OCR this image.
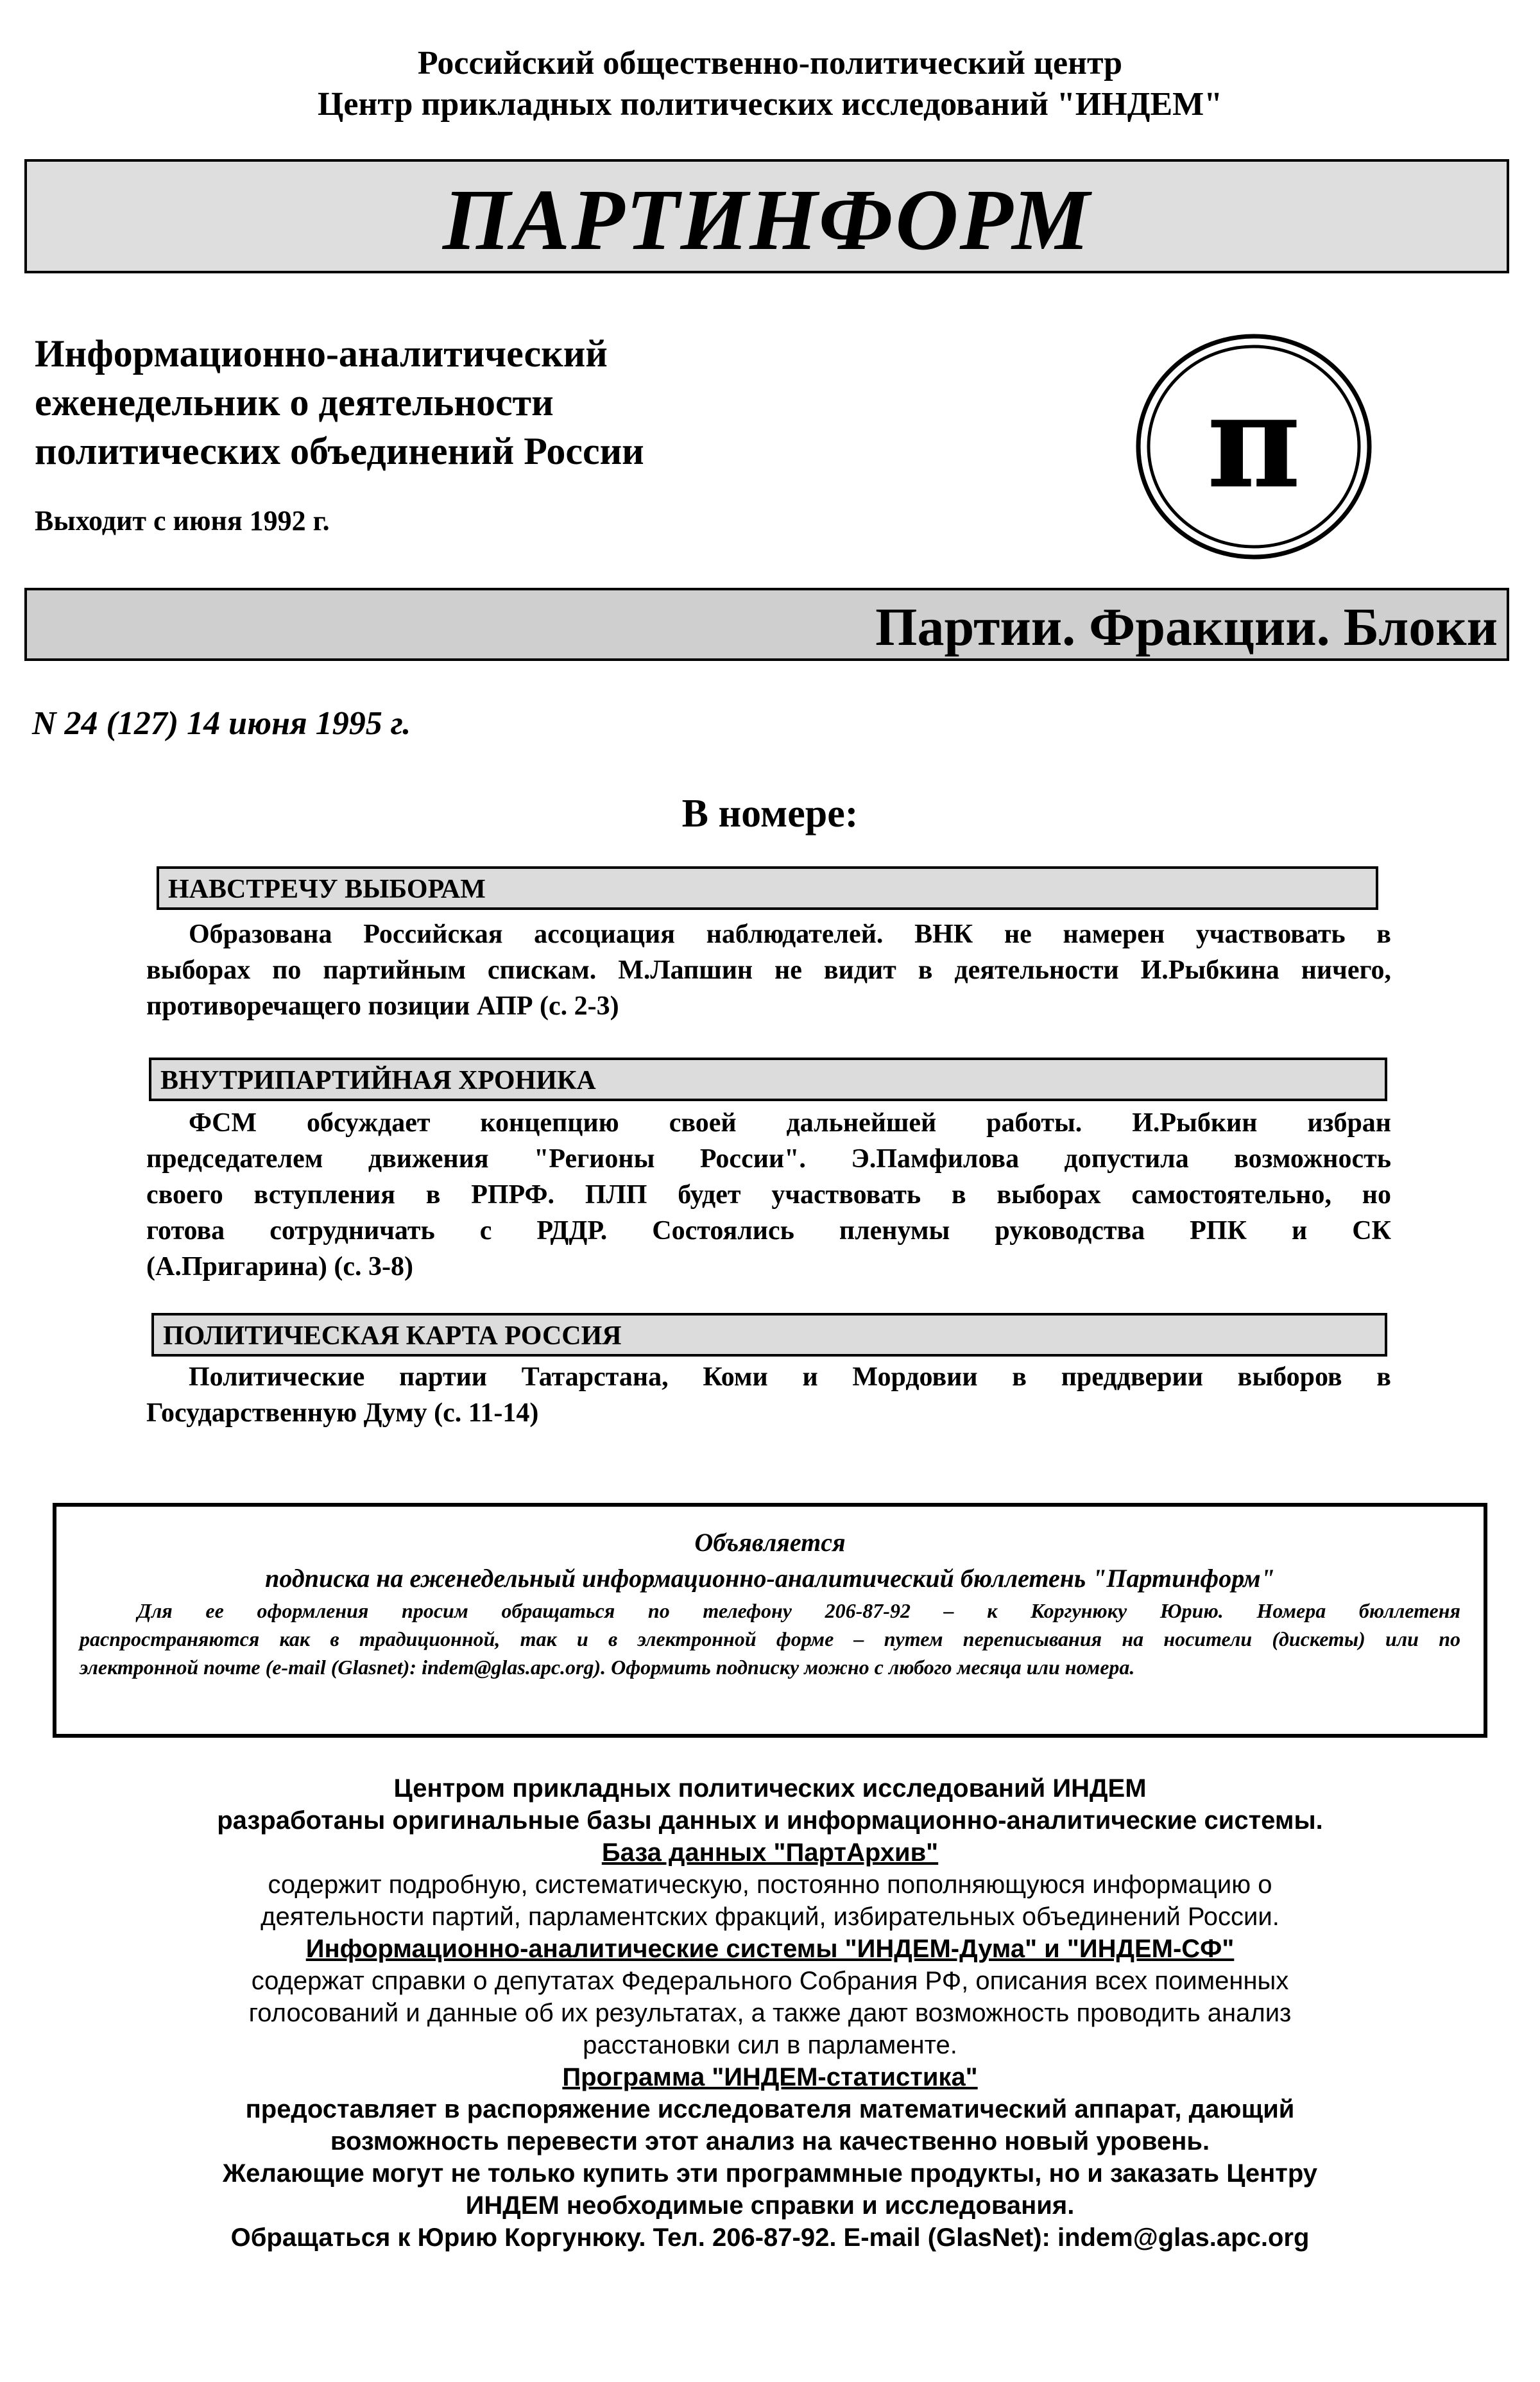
Российский общественно-политический центр
Центр прикладных политических исследований "ИНДЕМ"
ПАРТИНФОРМ
Информационно-аналитический
еженедельник о деятельности
политических объединений России
Выходит с июня 1992 г.
π
Партии. Фракции. Блоки
N 24 (127) 14 июня 1995 г.
В номере:
НАВСТРЕЧУ ВЫБОРАМ
Образована Российская ассоциация наблюдателей. ВНК не намерен участвовать в
выборах по партийным спискам. М.Лапшин не видит в деятельности И.Рыбкина ничего,
противоречащего позиции АПР (с. 2-3)
ВНУТРИПАРТИЙНАЯ ХРОНИКА
ФСМ обсуждает концепцию своей дальнейшей работы. И.Рыбкин избран
председателем движения "Регионы России". Э.Памфилова допустила возможность
своего вступления в РПРФ. ПЛП будет участвовать в выборах самостоятельно, но
готова сотрудничать с РДДР. Состоялись пленумы руководства РПК и СК
(А.Пригарина) (с. 3-8)
ПОЛИТИЧЕСКАЯ КАРТА РОССИЯ
Политические партии Татарстана, Коми и Мордовии в преддверии выборов в
Государственную Думу (с. 11-14)
Объявляется
подписка на еженедельный информационно-аналитический бюллетень "Партинформ"
Для ее оформления просим обращаться по телефону 206-87-92 – к Коргунюку Юрию. Номера бюллетеня
распространяются как в традиционной, так и в электронной форме – путем переписывания на носители (дискеты) или по
электронной почте (e-mail (Glasnet): indem@glas.apc.org). Оформить подписку можно с любого месяца или номера.
Центром прикладных политических исследований ИНДЕМ
разработаны оригинальные базы данных и информационно-аналитические системы.
База данных "ПартАрхив"
содержит подробную, систематическую, постоянно пополняющуюся информацию о
деятельности партий, парламентских фракций, избирательных объединений России.
Информационно-аналитические системы "ИНДЕМ-Дума" и "ИНДЕМ-СФ"
содержат справки о депутатах Федерального Собрания РФ, описания всех поименных
голосований и данные об их результатах, а также дают возможность проводить анализ
расстановки сил в парламенте.
Программа "ИНДЕМ-статистика"
предоставляет в распоряжение исследователя математический аппарат, дающий
возможность перевести этот анализ на качественно новый уровень.
Желающие могут не только купить эти программные продукты, но и заказать Центру
ИНДЕМ необходимые справки и исследования.
Обращаться к Юрию Коргунюку. Тел. 206-87-92. E-mail (GlasNet): indem@glas.apc.org
